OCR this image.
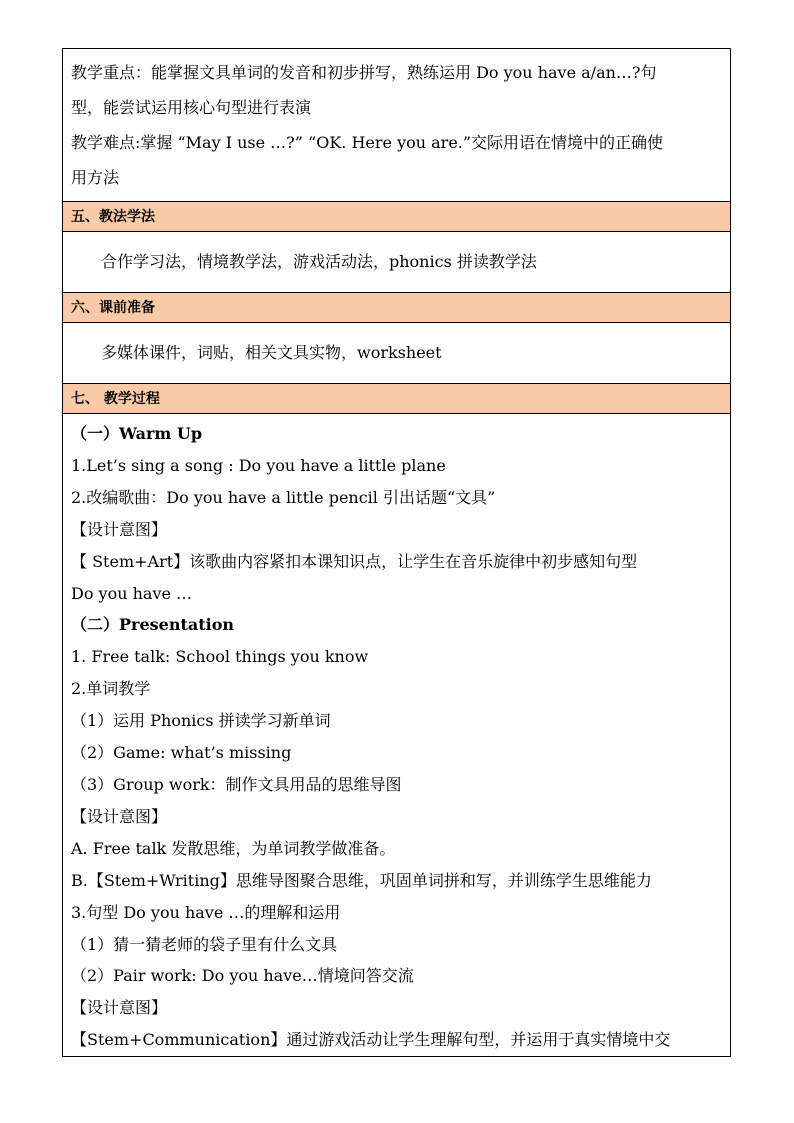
教学重点：能掌握文具单词的发音和初步拼写，熟练运用 Do you have a/an…?句
型，能尝试运用核心句型进行表演
教学难点:掌握 “May I use …?” “OK. Here you are.”交际用语在情境中的正确使
用方法
五、教法学法
合作学习法，情境教学法，游戏活动法，phonics 拼读教学法
六、课前准备
多媒体课件，词贴，相关文具实物，worksheet
七、 教学过程
（一）Warm Up
1.Let’s sing a song : Do you have a little plane
2.改编歌曲：Do you have a little pencil 引出话题“文具”
【设计意图】
【 Stem+Art】该歌曲内容紧扣本课知识点，让学生在音乐旋律中初步感知句型
Do you have …
（二）Presentation
1. Free talk: School things you know
2.单词教学
（1）运用 Phonics 拼读学习新单词
（2）Game: what’s missing
（3）Group work：制作文具用品的思维导图
【设计意图】
A. Free talk 发散思维，为单词教学做准备。
B.【Stem+Writing】思维导图聚合思维，巩固单词拼和写，并训练学生思维能力
3.句型 Do you have …的理解和运用
（1）猜一猜老师的袋子里有什么文具
（2）Pair work: Do you have…情境问答交流
【设计意图】
【Stem+Communication】通过游戏活动让学生理解句型，并运用于真实情境中交
